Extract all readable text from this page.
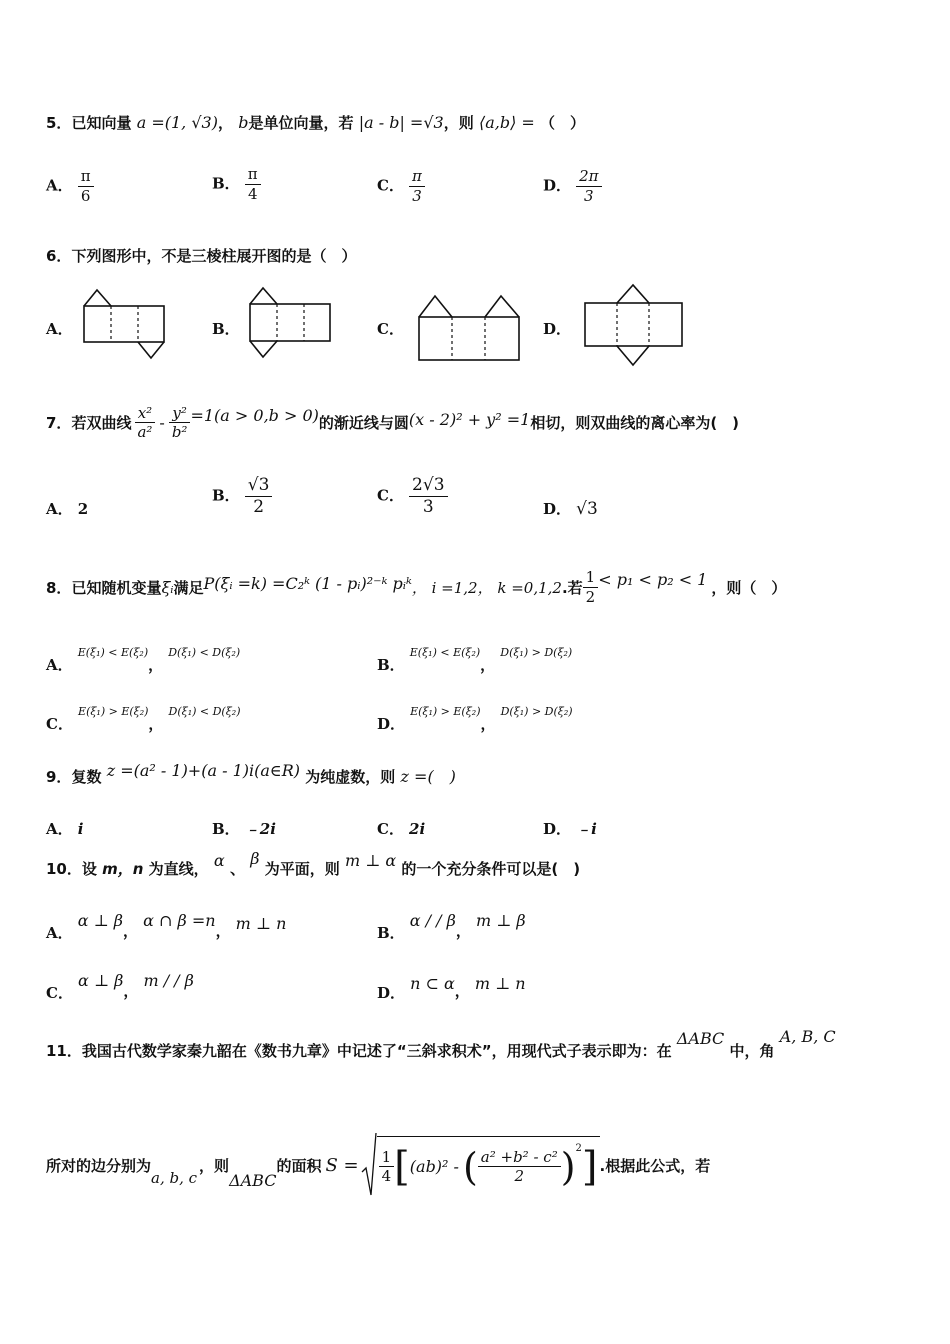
5．已知向量 a =(1, √3)， b是单位向量，若 |a - b| =√3，则 ⟨a,b⟩ = （　）
A． $\frac{\pi}{6}$	B． $\frac{\pi}{4}$	C． $\frac{\pi}{3}$	D． $\frac{2\pi}{3}$
6．下列图形中，不是三棱柱展开图的是（　）
A．	B．	C．	D．
7． 若双曲线 $\frac{\text{x²}}{\text{a²}} - \frac{\text{y²}}{\text{b²}} =1(a > 0,b > 0)$ 的渐近线与圆 (x - 2)² + y² =1 相切，则双曲线的离心率为(　)
A． 2
B． $\frac{√3}{2}$	C． $\frac{2√3}{3}$	D． √3
8． 已知随机变量 ξᵢ 满足 P(ξᵢ =k) =C₂ᵏ (1 - pᵢ)²⁻ᵏ pᵢᵏ ， i =1,2 ， k =0,1,2 .若 $\frac{1}{2} < p_1 < p_2 < 1$ ，则（　）
A． E(ξ₁) < E(ξ₂)， D(ξ₁) < D(ξ₂)
B． E(ξ₁) < E(ξ₂)， D(ξ₁) > D(ξ₂)
C． E(ξ₁) > E(ξ₂)， D(ξ₁) < D(ξ₂)
D． E(ξ₁) > E(ξ₂)， D(ξ₁) > D(ξ₂)
9．复数 z =(a² - 1)+(a - 1)i(a∈R) 为纯虚数，则 z =(　)
A． i	B． ﹣2i	C． 2i	D． ﹣i
10．设 m，n 为直线， α 、 β 为平面，则 m ⊥ α 的一个充分条件可以是(　)
A． α ⊥ β， α ∩ β =n， m ⊥ n	B． α / / β， m ⊥ β
C． α ⊥ β， m / / β
D． n ⊂ α， m ⊥ n
11．我国古代数学家秦九韶在《数书九章》中记述了“三斜求积术”，用现代式子表示即为：在 ΔABC 中，角 A, B, C
所对的边分别为
a, b, c
，则
ΔABC
的面积 $S = \frac{1}{4}$ [ (ab)² - ( $\frac{\text{a² +b² - c²}}{2}$ ) 2 ] .根据此公式，若
